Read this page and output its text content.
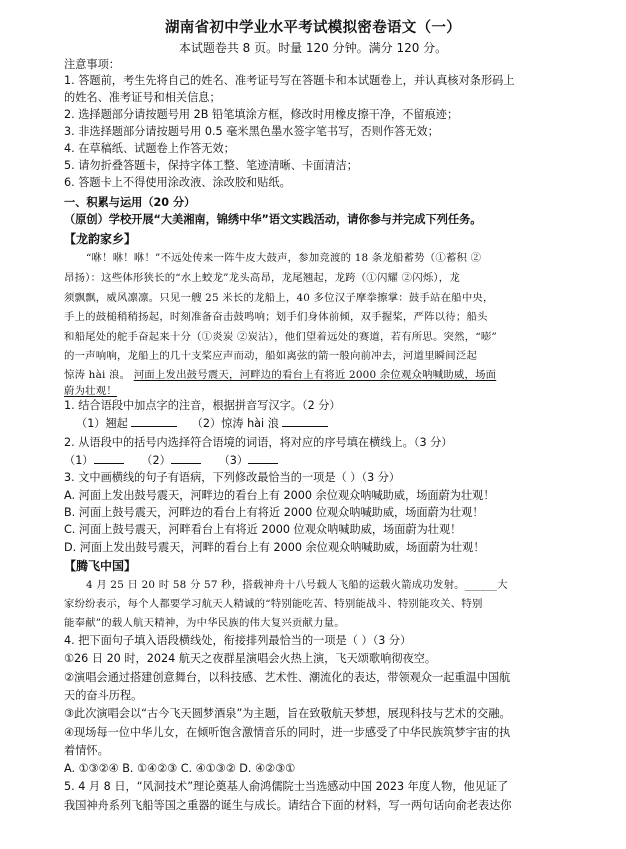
湖南省初中学业水平考试模拟密卷语文（一）
本试题卷共 8 页。时量 120 分钟。满分 120 分。
注意事项：
1. 答题前，考生先将自己的姓名、准考证号写在答题卡和本试题卷上，并认真核对条形码上
的姓名、准考证号和相关信息；
2. 选择题部分请按题号用 2B 铅笔填涂方框，修改时用橡皮擦干净，不留痕迹；
3. 非选择题部分请按题号用 0.5 毫米黑色墨水签字笔书写，否则作答无效；
4. 在草稿纸、试题卷上作答无效；
5. 请勿折叠答题卡，保持字体工整、笔迹清晰、卡面清洁；
6. 答题卡上不得使用涂改液、涂改胶和贴纸。
一、积累与运用（20 分）
（原创）学校开展“大美湘南，锦绣中华”语文实践活动，请你参与并完成下列任务。
【龙韵家乡】
“咻！咻！咻！”不远处传来一阵牛皮大鼓声，参加竞渡的 18 条龙船蓄势（①蓄积 ②
昂扬）：这些体形狭长的“水上蛟龙”龙头高昂，龙尾翘起，龙跨（①闪耀 ②闪烁），龙
须飘飘，威风凛凛。只见一艘 25 米长的龙船上，40 多位汉子摩拳擦掌：鼓手站在船中央，
手上的鼓槌稍稍扬起，时刻准备奋击鼓鸣响；划手们身体前倾，双手握桨，严阵以待；船头
和船尾处的舵手奋起来十分（①炎炭 ②炭沾），他们望着远处的赛道，若有所思。突然，“嘭”
的一声响响，龙船上的几十支桨应声而动，船如离弦的箭一般向前冲去，河道里瞬间泛起
惊涛 hài 浪。 河面上发出鼓号震天，河畔边的看台上有将近 2000 余位观众呐喊助威，场面
蔚为壮观！
1. 结合语段中加点字的注音，根据拼音写汉字。（2 分）
（1）翘起	（2）惊涛 hài 浪
2. 从语段中的括号内选择符合语境的词语，将对应的序号填在横线上。（3 分）
（1）	（2）	（3）
3. 文中画横线的句子有语病，下列修改最恰当的一项是（ ）（3 分）
A. 河面上发出鼓号震天，河畔边的看台上有 2000 余位观众呐喊助威，场面蔚为壮观！
B. 河面上鼓号震天，河畔边的看台上有将近 2000 位观众呐喊助威，场面蔚为壮观！
C. 河面上鼓号震天，河畔看台上有将近 2000 位观众呐喊助威，场面蔚为壮观！
D. 河面上发出鼓号震天，河畔的看台上有 2000 余位观众呐喊助威，场面蔚为壮观！
【腾飞中国】
4 月 25 日 20 时 58 分 57 秒，搭载神舟十八号载人飞船的运载火箭成功发射。______大
家纷纷表示，每个人都要学习航天人精诚的“特别能吃苦、特别能战斗、特别能攻关、特别
能奉献”的载人航天精神，为中华民族的伟大复兴贡献力量。
4. 把下面句子填入语段横线处，衔接排列最恰当的一项是（ ）（3 分）
①26 日 20 时，2024 航天之夜群星演唱会火热上演，飞天颂歌响彻夜空。
②演唱会通过搭建创意舞台，以科技感、艺术性、潮流化的表达，带领观众一起重温中国航
天的奋斗历程。
③此次演唱会以“古今飞天圆梦酒泉”为主题，旨在致敬航天梦想，展现科技与艺术的交融。
④现场每一位中华儿女，在倾听饱含激情音乐的同时，进一步感受了中华民族筑梦宇宙的执
着情怀。
A. ①③②④ B. ①④②③ C. ④①③② D. ④②③①
5. 4 月 8 日，“风洞技术”理论奠基人俞鸿儒院士当选感动中国 2023 年度人物，他见证了
我国神舟系列飞船等国之重器的诞生与成长。请结合下面的材料，写一两句话向俞老表达你
